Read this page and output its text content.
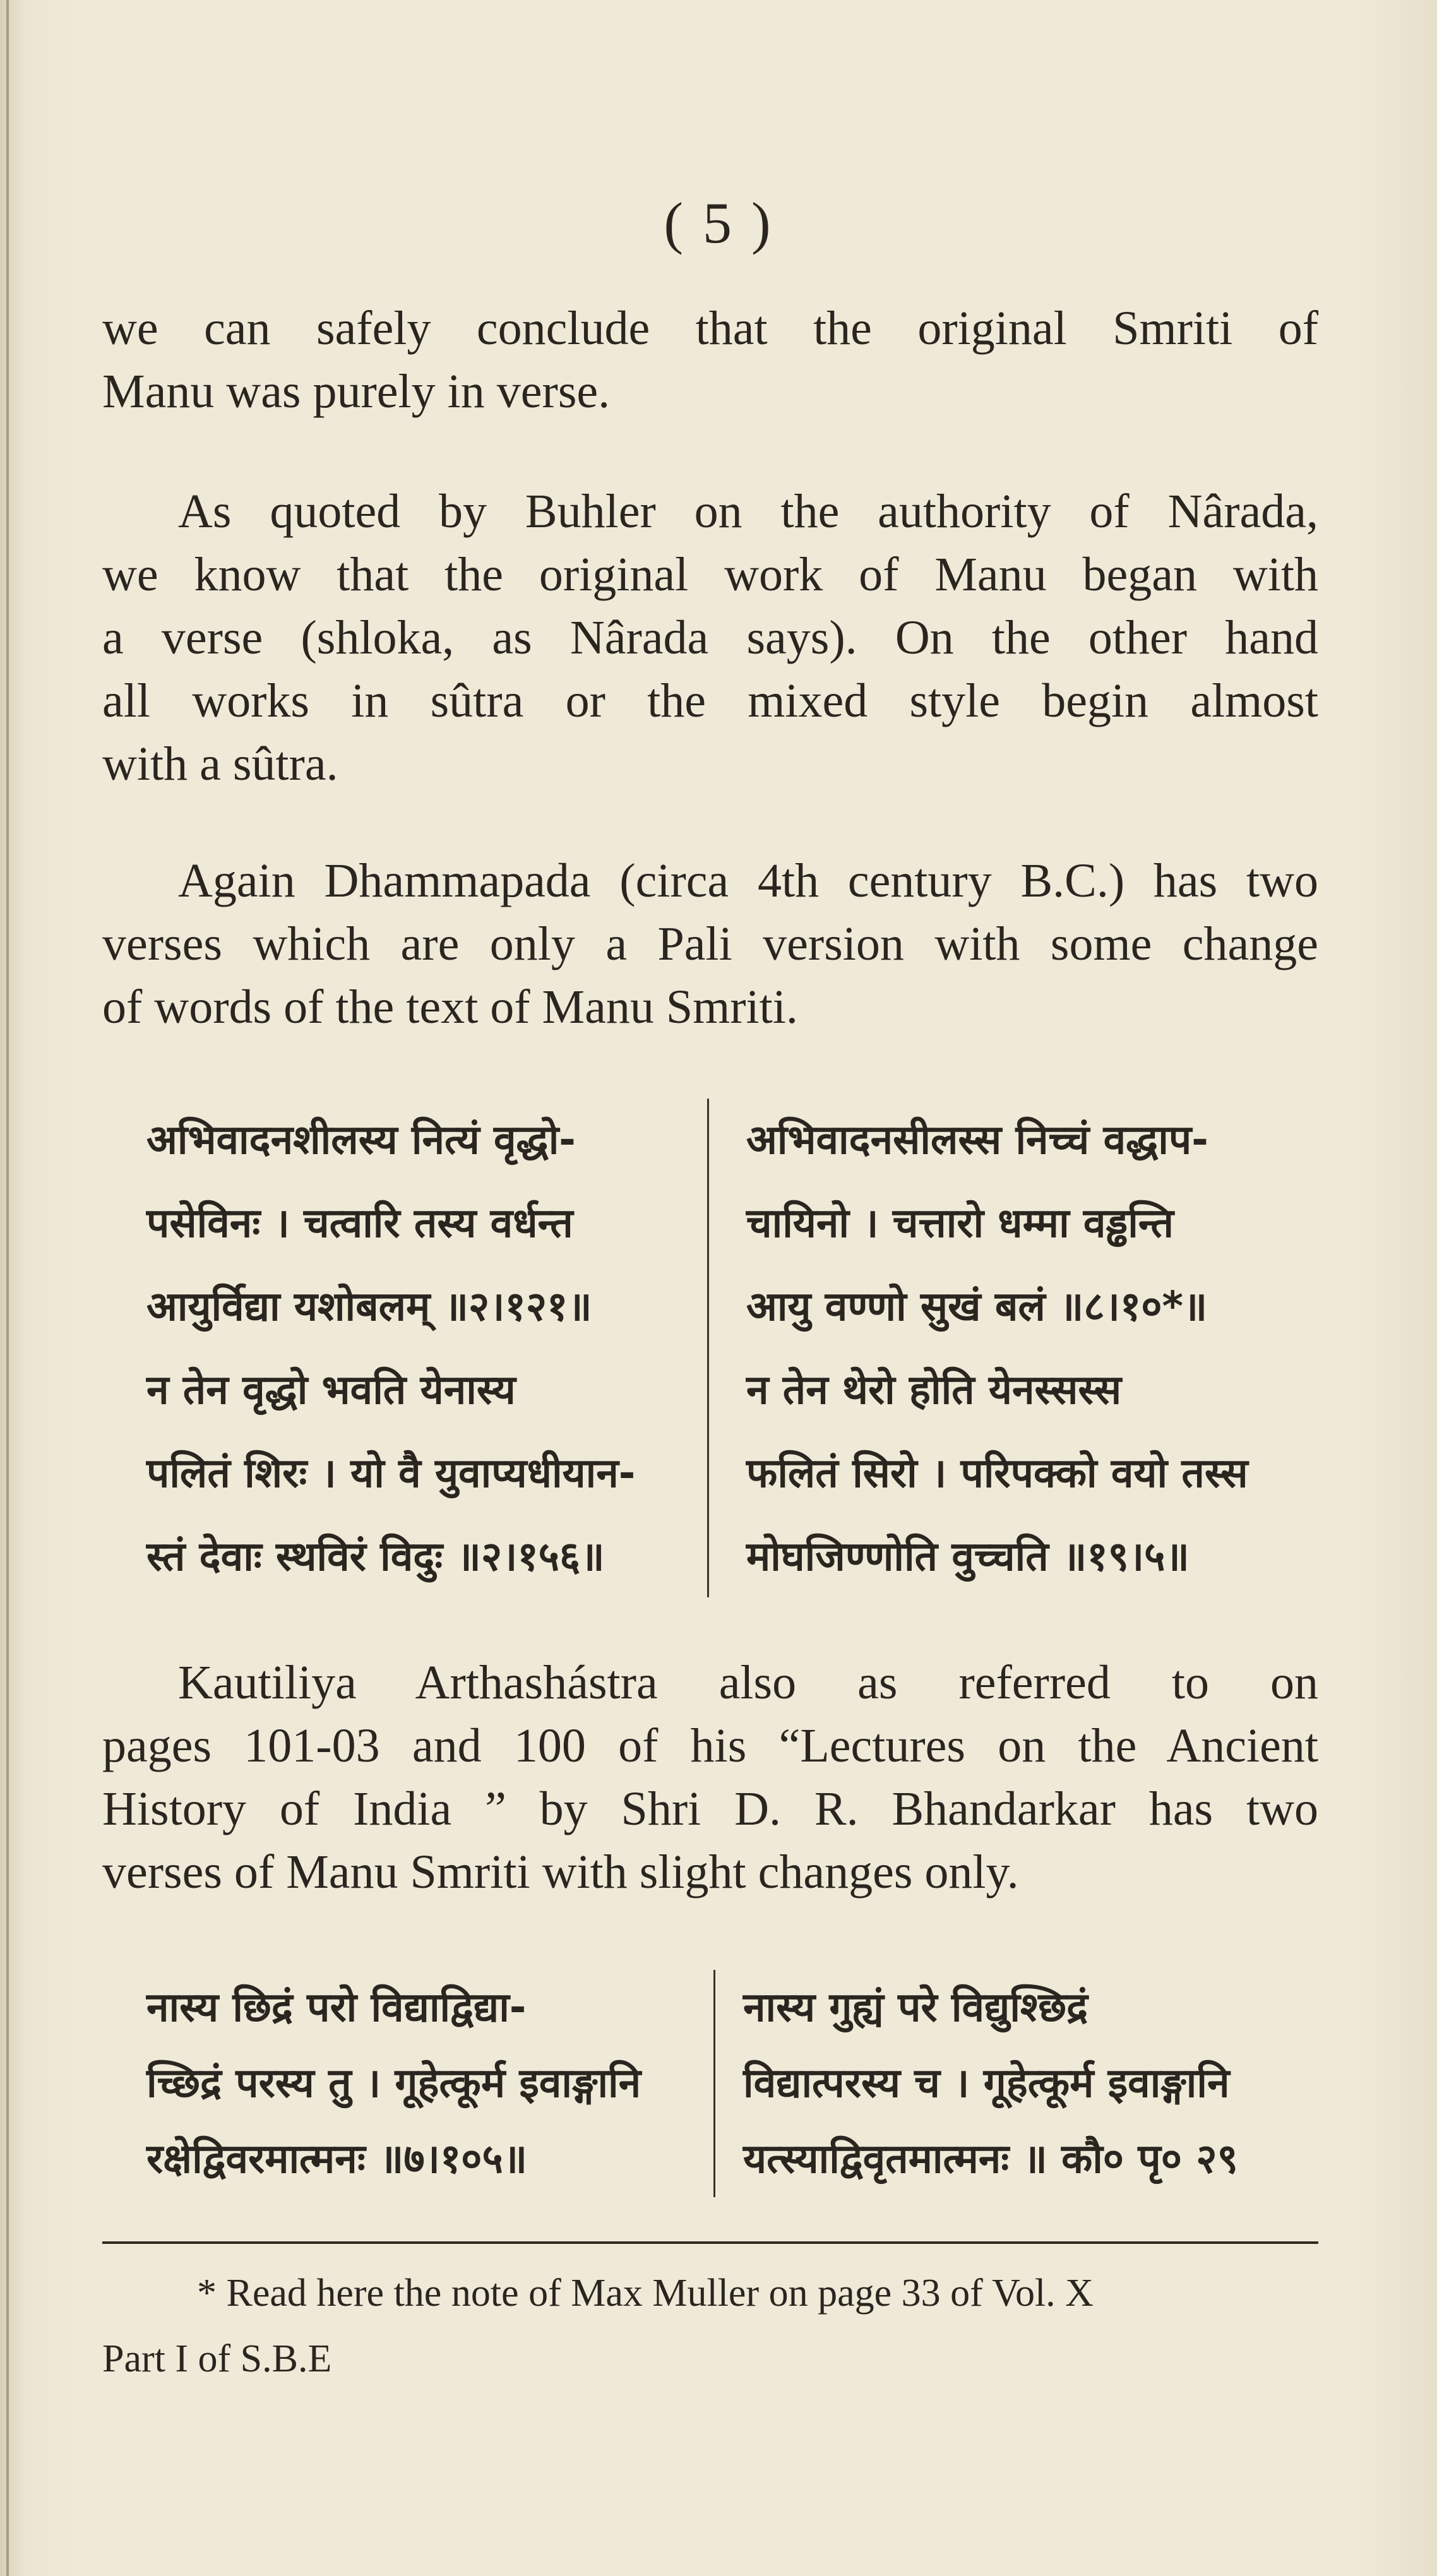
( 5 )
we can safely conclude that the original Smriti of
Manu was purely in verse.
As quoted by Buhler on the authority of Nârada,
we know that the original work of Manu began with
a verse (shloka, as Nârada says). On the other hand
all works in sûtra or the mixed style begin almost
with a sûtra.
Again Dhammapada (circa 4th century B.C.) has two
verses which are only a Pali version with some change
of words of the text of Manu Smriti.
अभिवादनशीलस्य नित्यं वृद्धो-
पसेविनः । चत्वारि तस्य वर्धन्त
आयुर्विद्या यशोबलम् ॥२।१२१॥
न तेन वृद्धो भवति येनास्य
पलितं शिरः । यो वै युवाप्यधीयान-
स्तं देवाः स्थविरं विदुः ॥२।१५६॥
अभिवादनसीलस्स निच्चं वद्धाप-
चायिनो । चत्तारो धम्मा वड्ढन्ति
आयु वण्णो सुखं बलं ॥८।१०*॥
न तेन थेरो होति येनस्सस्स
फलितं सिरो । परिपक्को वयो तस्स
मोघजिण्णोति वुच्चति ॥१९।५॥
Kautiliya Arthashástra also as referred to on
pages 101-03 and 100 of his “Lectures on the Ancient
History of India ” by Shri D. R. Bhandarkar has two
verses of Manu Smriti with slight changes only.
नास्य छिद्रं परो विद्याद्विद्या-
च्छिद्रं परस्य तु । गूहेत्कूर्म इवाङ्गानि
रक्षेद्विवरमात्मनः ॥७।१०५॥
नास्य गुह्यं परे विद्युश्छिद्रं
विद्यात्परस्य च । गूहेत्कूर्म इवाङ्गानि
यत्स्याद्विवृतमात्मनः ॥ कौ० पृ० २९
* Read here the note of Max Muller on page 33 of Vol. X
Part I of S.B.E
